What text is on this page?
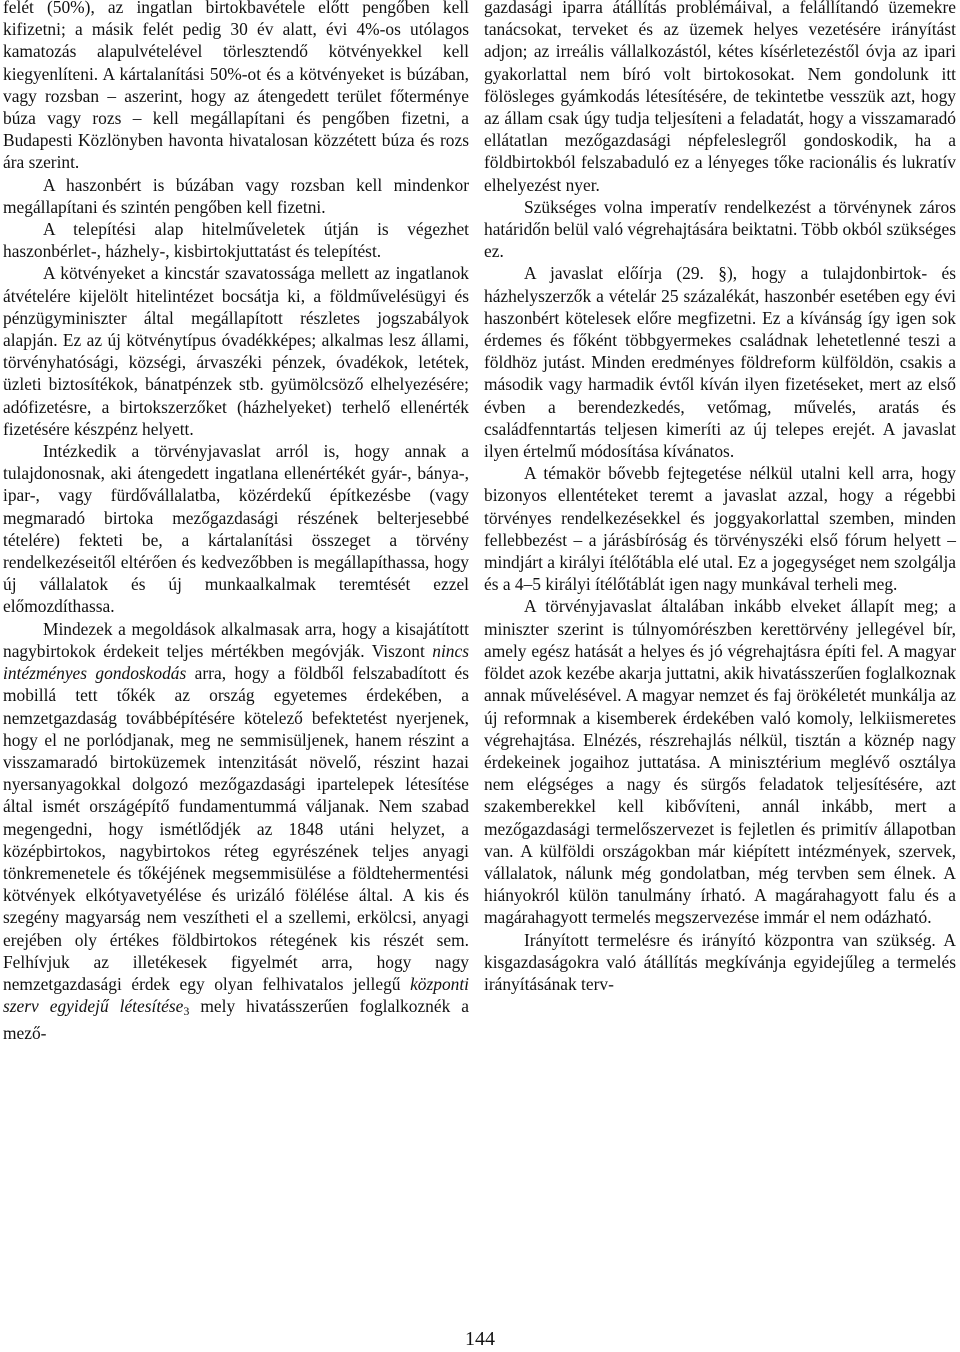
felét (50%), az ingatlan birtokbavétele előtt pengőben kell kifizetni; a másik felét pedig 30 év alatt, évi 4%-os utólagos kamatozás alapulvételével törlesztendő kötvényekkel kell kiegyenlíteni. A kártalanítási 50%-ot és a kötvényeket is búzában, vagy rozsban – aszerint, hogy az átengedett terület főterménye búza vagy rozs – kell megállapítani és pengőben fizetni, a Budapesti Közlönyben havonta hivatalosan közzétett búza és rozs ára szerint.

A haszonbért is búzában vagy rozsban kell mindenkor megállapítani és szintén pengőben kell fizetni.

A telepítési alap hitelműveletek útján is végezhet haszonbérlet-, házhely-, kisbirtokjuttatást és telepítést.

A kötvényeket a kincstár szavatossága mellett az ingatlanok átvételére kijelölt hitelintézet bocsátja ki, a földművelésügyi és pénzügyminiszter által megállapított részletes jogszabályok alapján. Ez az új kötvénytípus óvadékképes; alkalmas lesz állami, törvényhatósági, községi, árvaszéki pénzek, óvadékok, letétek, üzleti biztosítékok, bánatpénzek stb. gyümölcsöző elhelyezésére; adófizetésre, a birtokszerzőket (házhelyeket) terhelő ellenérték fizetésére készpénz helyett.

Intézkedik a törvényjavaslat arról is, hogy annak a tulajdonosnak, aki átengedett ingatlana ellenértékét gyár-, bánya-, ipar-, vagy fürdővállalatba, közérdekű építkezésbe (vagy megmaradó birtoka mezőgazdasági részének belterjesebbé tételére) fekteti be, a kártalanítási összeget a törvény rendelkezéseitől eltérően és kedvezőbben is megállapíthassa, hogy új vállalatok és új munkaalkalmak teremtését ezzel előmozdíthassa.

Mindezek a megoldások alkalmasak arra, hogy a kisajátított nagybirtokok érdekeit teljes mértékben megóvják. Viszont nincs intézményes gondoskodás arra, hogy a földből felszabadított és mobillá tett tőkék az ország egyetemes érdekében, a nemzetgazdaság továbbépítésére kötelező befektetést nyerjenek, hogy el ne porlódjanak, meg ne semmisüljenek, hanem részint a visszamaradó birtoküzemek intenzitását növelő, részint hazai nyersanyagokkal dolgozó mezőgazdasági ipartelepek létesítése által ismét országépítő fundamentummá váljanak. Nem szabad megengedni, hogy ismétlődjék az 1848 utáni helyzet, a középbirtokos, nagybirtokos réteg egyrészének teljes anyagi tönkremenetele és tőkéjének megsemmisülése a földtehermentési kötvények elkótyavetyélése és urizáló fölélése által. A kis és szegény magyarság nem veszítheti el a szellemi, erkölcsi, anyagi erejében oly értékes földbirtokos rétegének kis részét sem. Felhívjuk az illetékesek figyelmét arra, hogy nagy nemzetgazdasági érdek egy olyan felhivatalos jellegű központi szerv egyidejű létesítése$_3$ mely hivatásszerűen foglalkoznék a mező-

gazdasági iparra átállítás problémáival, a felállítandó üzemekre tanácsokat, terveket és az üzemek helyes vezetésére irányítást adjon; az irreális vállalkozástól, kétes kísérletezéstől óvja az ipari gyakorlattal nem bíró volt birtokosokat. Nem gondolunk itt fölösleges gyámkodás létesítésére, de tekintetbe vesszük azt, hogy az állam csak úgy tudja teljesíteni a feladatát, hogy a visszamaradó ellátatlan mezőgazdasági népfeleslegről gondoskodik, ha a földbirtokból felszabaduló ez a lényeges tőke racionális és lukratív elhelyezést nyer.

Szükséges volna imperatív rendelkezést a törvénynek záros határidőn belül való végrehajtására beiktatni. Több okból szükséges ez.

A javaslat előírja (29. §), hogy a tulajdonbirtok- és házhelyszerzők a vételár 25 százalékát, haszonbér esetében egy évi haszonbért kötelesek előre megfizetni. Ez a kívánság így igen sok érdemes és főként többgyermekes családnak lehetetlenné teszi a földhöz jutást. Minden eredményes földreform külföldön, csakis a második vagy harmadik évtől kíván ilyen fizetéseket, mert az első évben a berendezkedés, vetőmag, művelés, aratás és családfenntartás teljesen kimeríti az új telepes erejét. A javaslat ilyen értelmű módosítása kívánatos.

A témakör bővebb fejtegetése nélkül utalni kell arra, hogy bizonyos ellentéteket teremt a javaslat azzal, hogy a régebbi törvényes rendelkezésekkel és joggyakorlattal szemben, minden fellebbezést – a járásbíróság és törvényszéki első fórum helyett – mindjárt a királyi ítélőtábla elé utal. Ez a jogegységet nem szolgálja és a 4–5 királyi ítélőtáblát igen nagy munkával terheli meg.

A törvényjavaslat általában inkább elveket állapít meg; a miniszter szerint is túlnyomórészben kerettörvény jellegével bír, amely egész hatását a helyes és jó végrehajtásra építi fel. A magyar földet azok kezébe akarja juttatni, akik hivatásszerűen foglalkoznak annak művelésével. A magyar nemzet és faj örökéletét munkálja az új reformnak a kisemberek érdekében való komoly, lelkiismeretes végrehajtása. Elnézés, részrehajlás nélkül, tisztán a köznép nagy érdekeinek jogaihoz juttatása. A minisztérium meglévő osztálya nem elégséges a nagy és sürgős feladatok teljesítésére, azt szakemberekkel kell kibővíteni, annál inkább, mert a mezőgazdasági termelőszervezet is fejletlen és primitív állapotban van. A külföldi országokban már kiépített intézmények, szervek, vállalatok, nálunk még gondolatban, még tervben sem élnek. A hiányokról külön tanulmány írható. A magárahagyott falu és a magárahagyott termelés megszervezése immár el nem odázható.

Irányított termelésre és irányító központra van szükség. A kisgazdaságokra való átállítás megkívánja egyidejűleg a termelés irányításának terv-

144
